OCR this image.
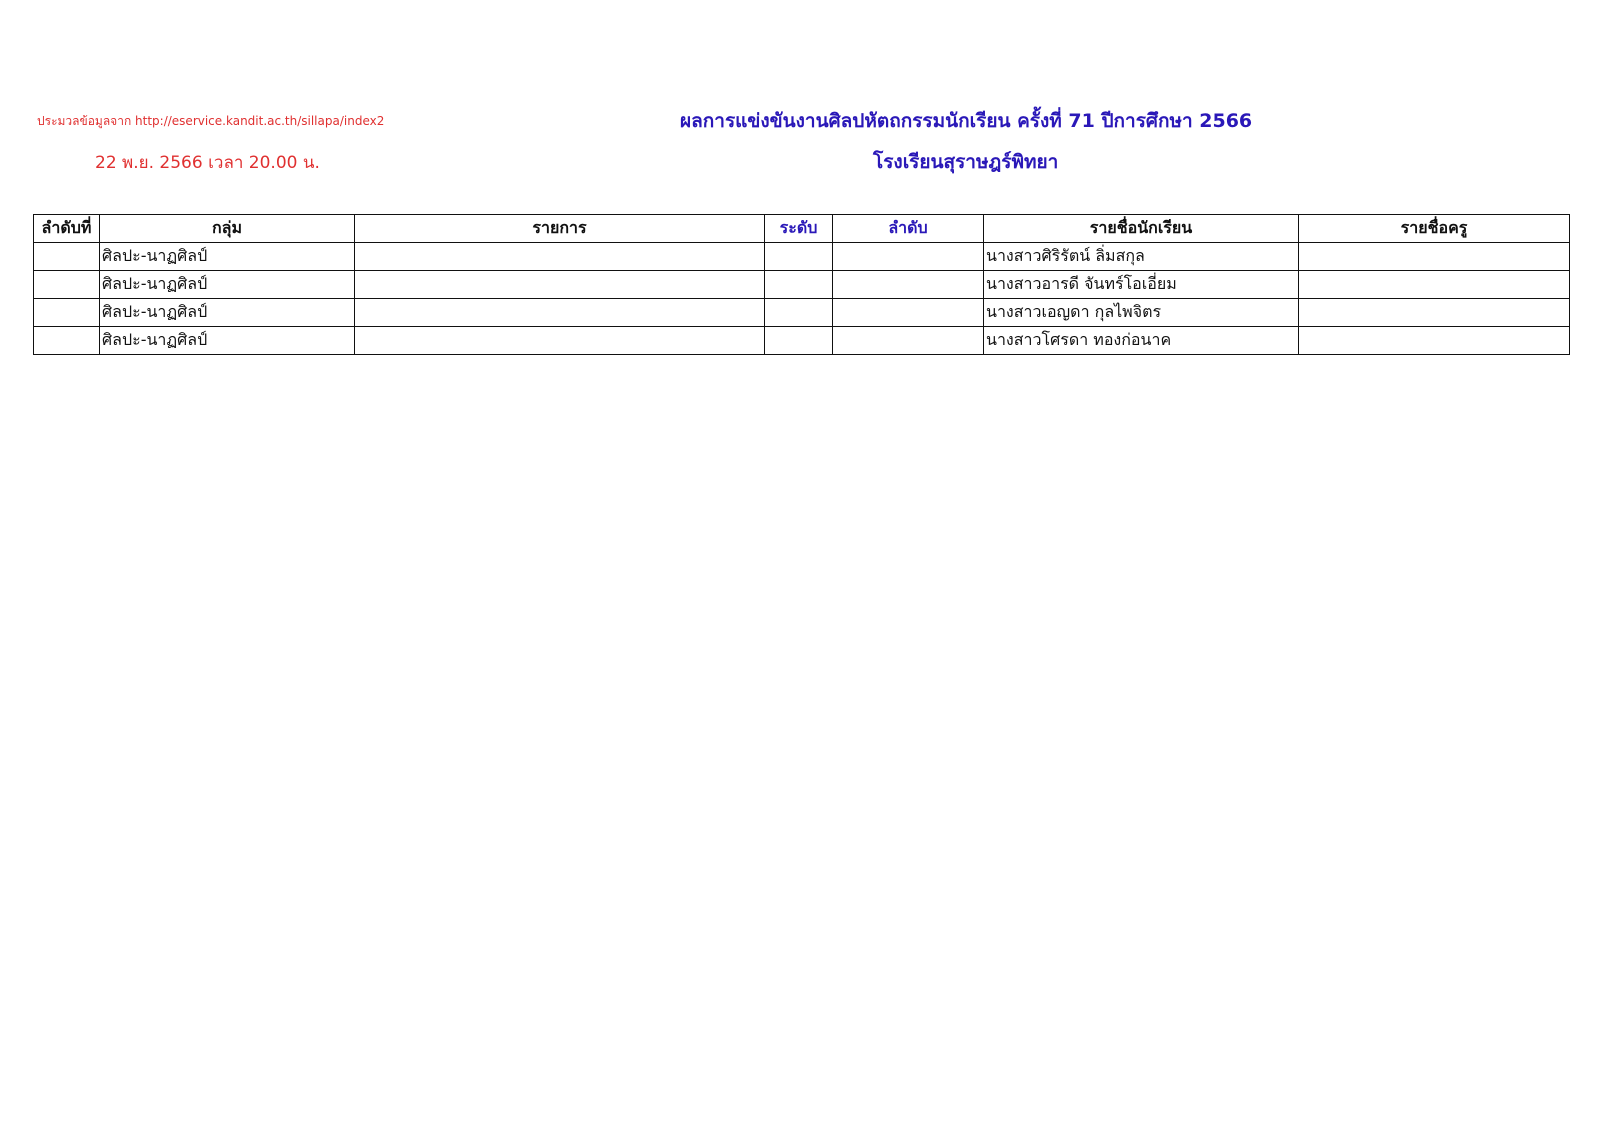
ประมวลข้อมูลจาก http://eservice.kandit.ac.th/sillapa/index2
22 พ.ย. 2566 เวลา 20.00 น.
ผลการแข่งขันงานศิลปหัตถกรรมนักเรียน ครั้งที่ 71 ปีการศึกษา 2566
โรงเรียนสุราษฎร์พิทยา
ลำดับที่	กลุ่ม	รายการ	ระดับ	ลำดับ	รายชื่อนักเรียน	รายชื่อครู
	ศิลปะ-นาฏศิลป์				นางสาวศิริรัตน์ ลิ่มสกุล	
	ศิลปะ-นาฏศิลป์				นางสาวอารดี จันทร์โอเอี่ยม	
	ศิลปะ-นาฏศิลป์				นางสาวเอญดา กุลไพจิตร	
	ศิลปะ-นาฏศิลป์				นางสาวโศรดา ทองก่อนาค	
